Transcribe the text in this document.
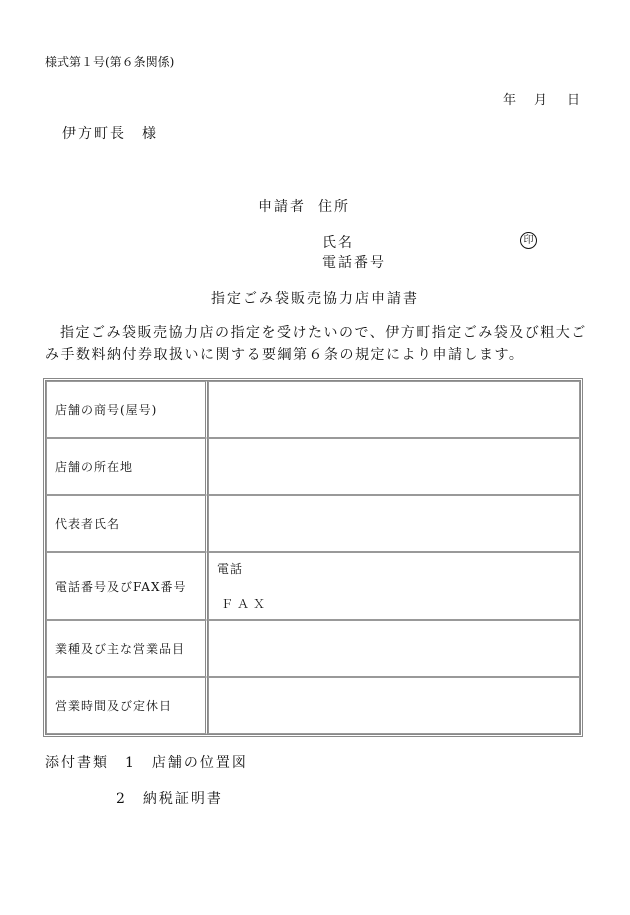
様式第１号(第６条関係)
年 月 日
伊方町長　様
申請者 住所
氏名	印
電話番号
指定ごみ袋販売協力店申請書
指定ごみ袋販売協力店の指定を受けたいので、伊方町指定ごみ袋及び粗大ごみ手数料納付券取扱いに関する要綱第６条の規定により申請します。
店舗の商号(屋号)	
店舗の所在地	
代表者氏名	
電話番号及びFAX番号	電話
ＦＡＸ

業種及び主な営業品目	
営業時間及び定休日	
添付書類 1 店舗の位置図
2 納税証明書
